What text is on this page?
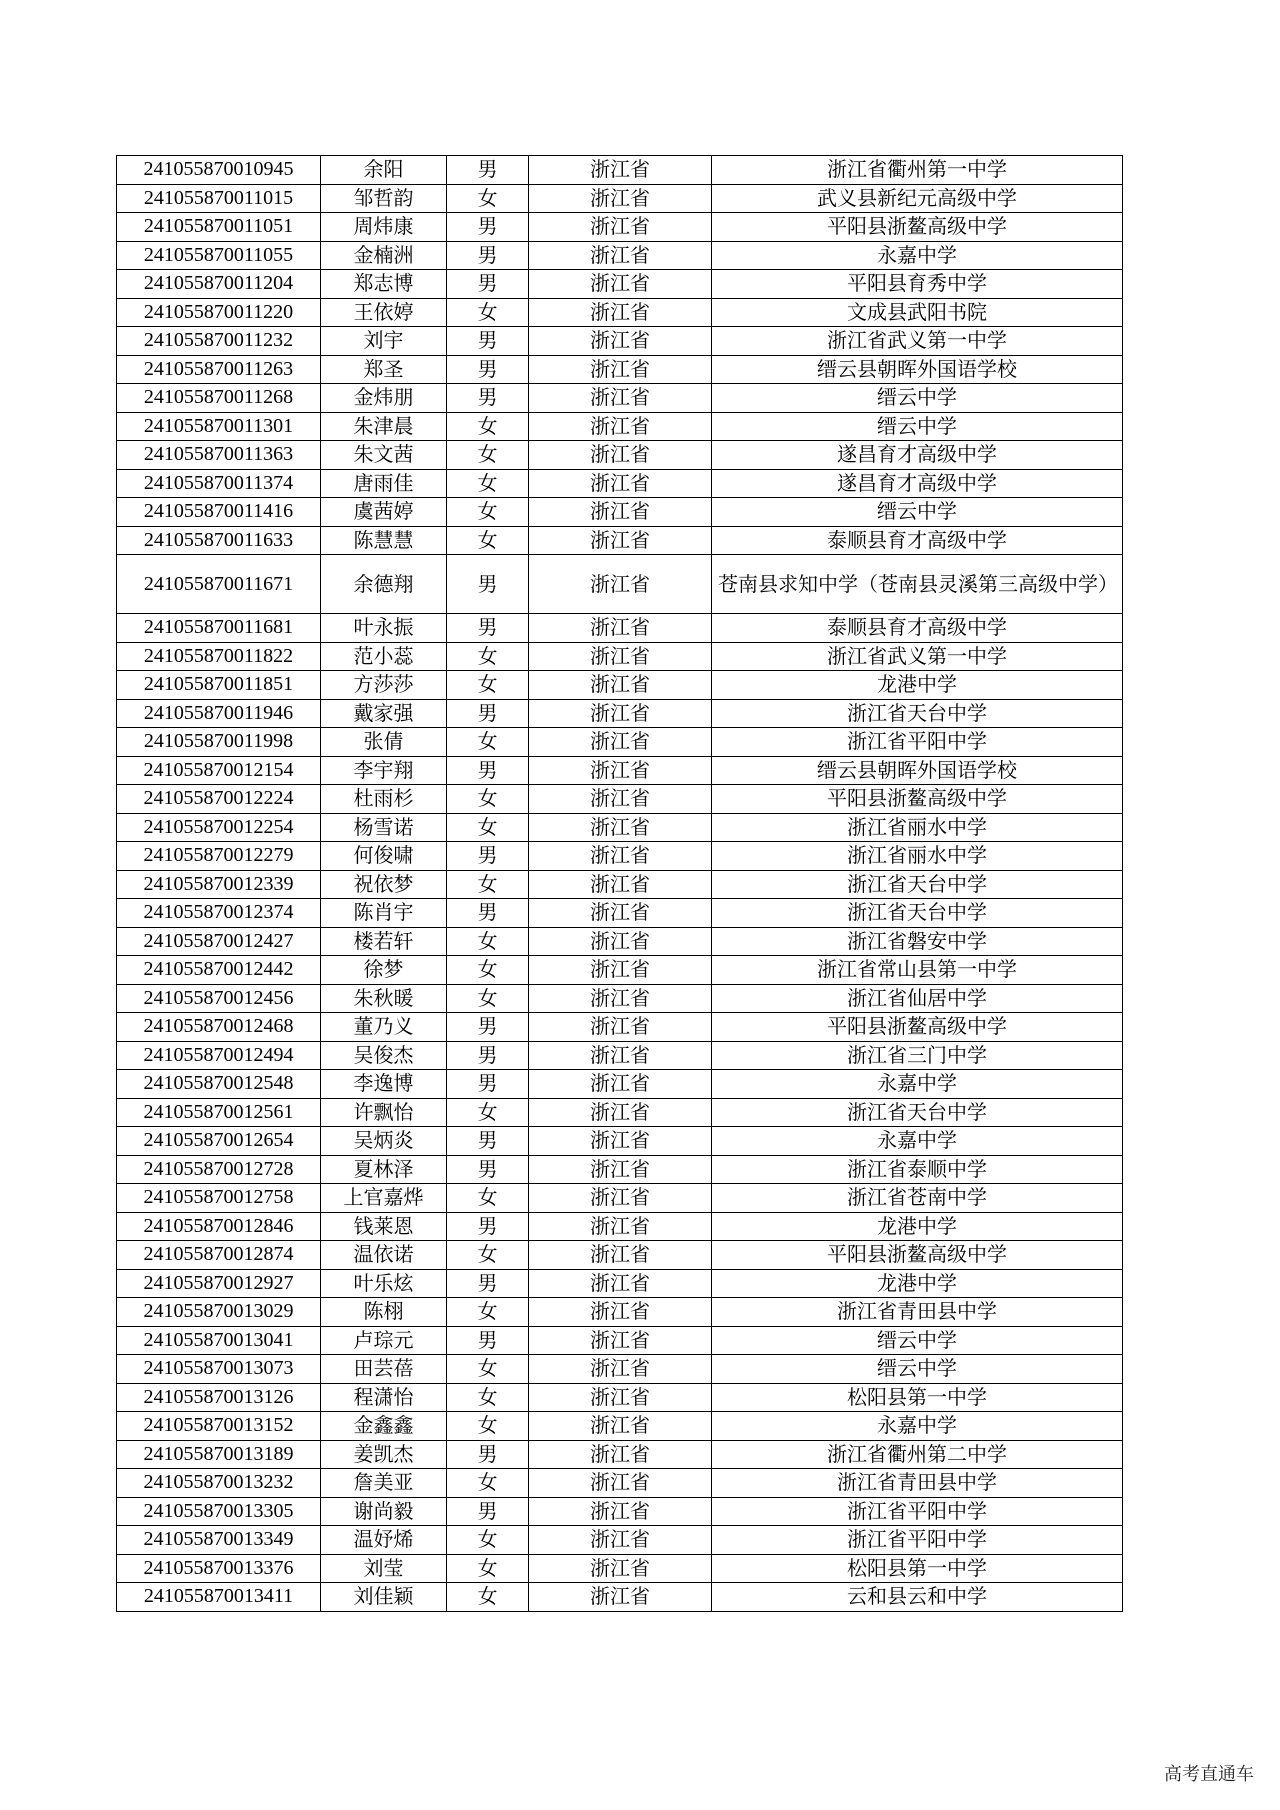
241055870010945	余阳	男	浙江省	浙江省衢州第一中学
241055870011015	邹哲韵	女	浙江省	武义县新纪元高级中学
241055870011051	周炜康	男	浙江省	平阳县浙鳌高级中学
241055870011055	金楠洲	男	浙江省	永嘉中学
241055870011204	郑志博	男	浙江省	平阳县育秀中学
241055870011220	王依婷	女	浙江省	文成县武阳书院
241055870011232	刘宇	男	浙江省	浙江省武义第一中学
241055870011263	郑圣	男	浙江省	缙云县朝晖外国语学校
241055870011268	金炜朋	男	浙江省	缙云中学
241055870011301	朱津晨	女	浙江省	缙云中学
241055870011363	朱文茜	女	浙江省	遂昌育才高级中学
241055870011374	唐雨佳	女	浙江省	遂昌育才高级中学
241055870011416	虞茜婷	女	浙江省	缙云中学
241055870011633	陈慧慧	女	浙江省	泰顺县育才高级中学
241055870011671	余德翔	男	浙江省	苍南县求知中学（苍南县灵溪第三高级中学）
241055870011681	叶永振	男	浙江省	泰顺县育才高级中学
241055870011822	范小蕊	女	浙江省	浙江省武义第一中学
241055870011851	方莎莎	女	浙江省	龙港中学
241055870011946	戴家强	男	浙江省	浙江省天台中学
241055870011998	张倩	女	浙江省	浙江省平阳中学
241055870012154	李宇翔	男	浙江省	缙云县朝晖外国语学校
241055870012224	杜雨杉	女	浙江省	平阳县浙鳌高级中学
241055870012254	杨雪诺	女	浙江省	浙江省丽水中学
241055870012279	何俊啸	男	浙江省	浙江省丽水中学
241055870012339	祝依梦	女	浙江省	浙江省天台中学
241055870012374	陈肖宇	男	浙江省	浙江省天台中学
241055870012427	楼若轩	女	浙江省	浙江省磐安中学
241055870012442	徐梦	女	浙江省	浙江省常山县第一中学
241055870012456	朱秋暖	女	浙江省	浙江省仙居中学
241055870012468	董乃义	男	浙江省	平阳县浙鳌高级中学
241055870012494	吴俊杰	男	浙江省	浙江省三门中学
241055870012548	李逸博	男	浙江省	永嘉中学
241055870012561	许飘怡	女	浙江省	浙江省天台中学
241055870012654	吴炳炎	男	浙江省	永嘉中学
241055870012728	夏林泽	男	浙江省	浙江省泰顺中学
241055870012758	上官嘉烨	女	浙江省	浙江省苍南中学
241055870012846	钱莱恩	男	浙江省	龙港中学
241055870012874	温依诺	女	浙江省	平阳县浙鳌高级中学
241055870012927	叶乐炫	男	浙江省	龙港中学
241055870013029	陈栩	女	浙江省	浙江省青田县中学
241055870013041	卢琮元	男	浙江省	缙云中学
241055870013073	田芸蓓	女	浙江省	缙云中学
241055870013126	程潇怡	女	浙江省	松阳县第一中学
241055870013152	金鑫鑫	女	浙江省	永嘉中学
241055870013189	姜凯杰	男	浙江省	浙江省衢州第二中学
241055870013232	詹美亚	女	浙江省	浙江省青田县中学
241055870013305	谢尚毅	男	浙江省	浙江省平阳中学
241055870013349	温妤烯	女	浙江省	浙江省平阳中学
241055870013376	刘莹	女	浙江省	松阳县第一中学
241055870013411	刘佳颖	女	浙江省	云和县云和中学
高考直通车
